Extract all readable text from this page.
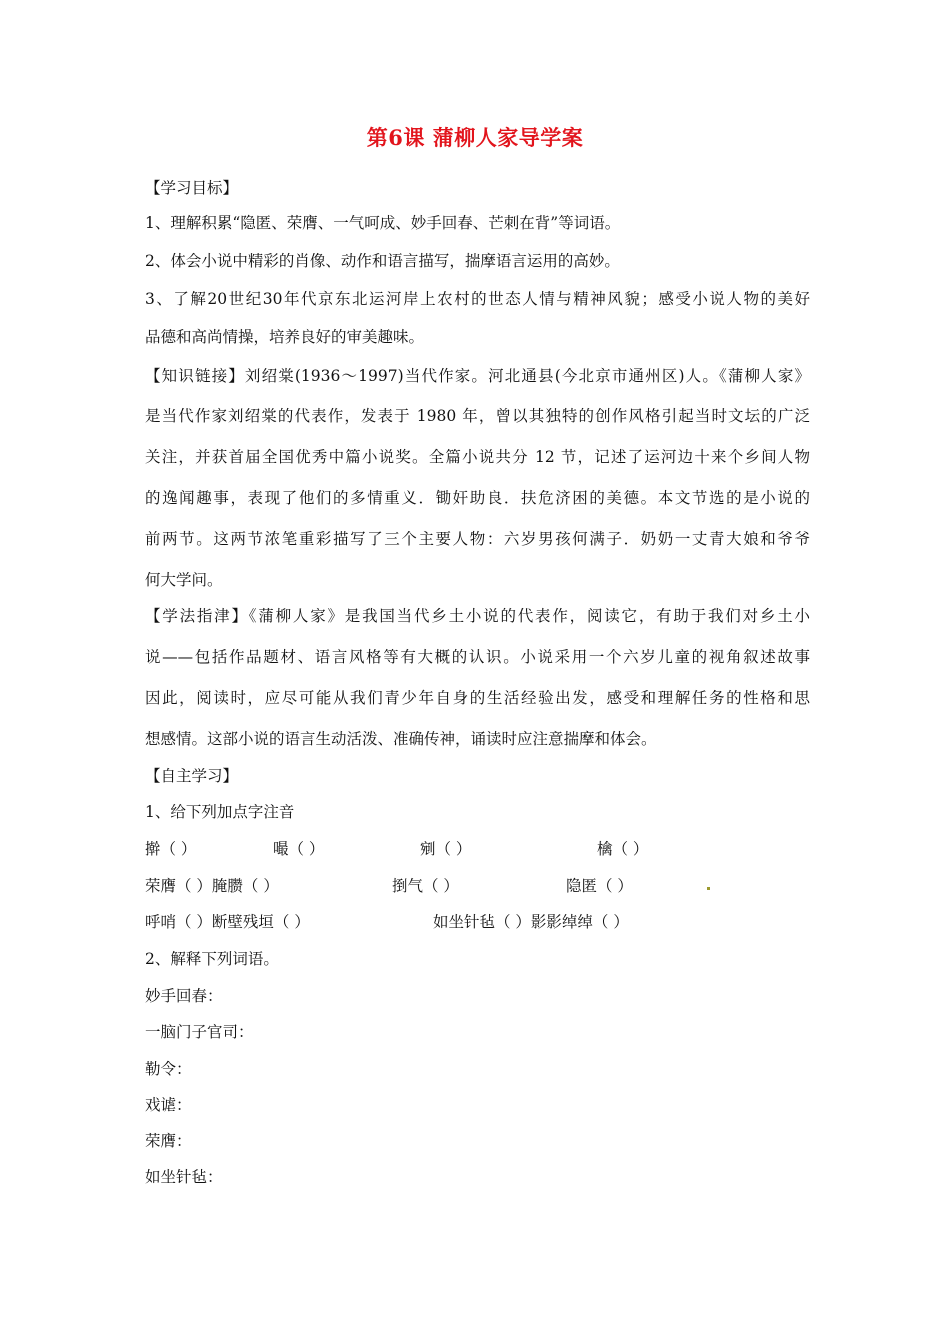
第6课 蒲柳人家导学案
【学习目标】
1、理解积累“隐匿、荣膺、一气呵成、妙手回春、芒刺在背”等词语。
2、体会小说中精彩的肖像、动作和语言描写，揣摩语言运用的高妙。
3、了解20世纪30年代京东北运河岸上农村的世态人情与精神风貌；感受小说人物的美好
品德和高尚情操，培养良好的审美趣味。
【知识链接】刘绍棠(1936～1997)当代作家。河北通县(今北京市通州区)人。《蒲柳人家》
是当代作家刘绍棠的代表作，发表于 1980 年，曾以其独特的创作风格引起当时文坛的广泛
关注，并获首届全国优秀中篇小说奖。全篇小说共分 12 节，记述了运河边十来个乡间人物
的逸闻趣事，表现了他们的多情重义．锄奸助良．扶危济困的美德。本文节选的是小说的
前两节。这两节浓笔重彩描写了三个主要人物：六岁男孩何满子．奶奶一丈青大娘和爷爷
何大学问。
【学法指津】《蒲柳人家》是我国当代乡土小说的代表作，阅读它，有助于我们对乡土小
说——包括作品题材、语言风格等有大概的认识。小说采用一个六岁儿童的视角叙述故事
因此，阅读时，应尽可能从我们青少年自身的生活经验出发，感受和理解任务的性格和思
想感情。这部小说的语言生动活泼、准确传神，诵读时应注意揣摩和体会。
【自主学习】
1、给下列加点字注音
擀（ ）	嘬（ ）	剜（ ）	檎（ ）
荣膺（ ）腌臜（ ）	捯气（ ）	隐匿（ ）
呼哨（ ）断壁残垣（ ）	如坐针毡（ ）影影绰绰（ ）
2、解释下列词语。
妙手回春：
一脑门子官司：
勒令：
戏谑：
荣膺：
如坐针毡：
